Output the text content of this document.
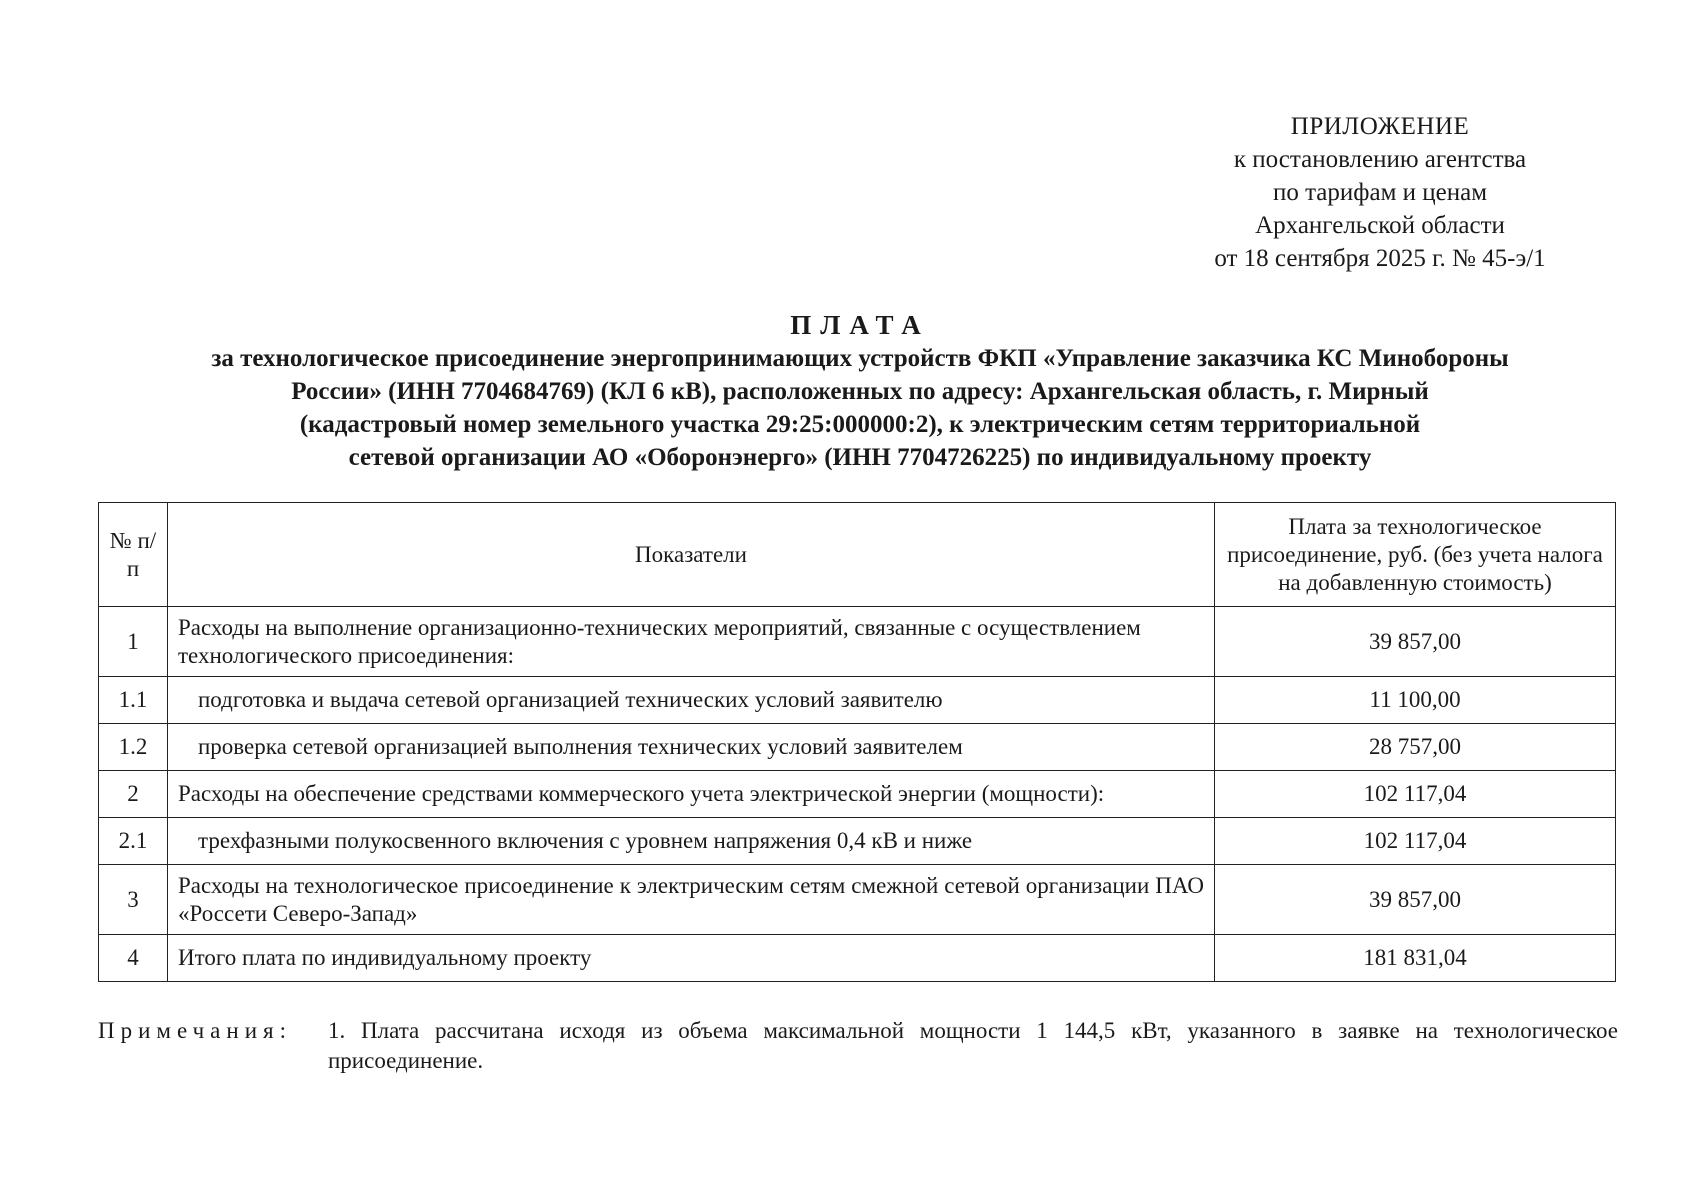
ПРИЛОЖЕНИЕ
к постановлению агентства
по тарифам и ценам
Архангельской области
от 18 сентября 2025 г. № 45-э/1
ПЛАТА
за технологическое присоединение энергопринимающих устройств ФКП «Управление заказчика КС Минобороны
России» (ИНН 7704684769) (КЛ 6 кВ), расположенных по адресу: Архангельская область, г. Мирный
(кадастровый номер земельного участка 29:25:000000:2), к электрическим сетям территориальной
сетевой организации АО «Оборонэнерго» (ИНН 7704726225) по индивидуальному проекту
№ п/п	Показатели	Плата за технологическое присоединение, руб. (без учета налога на добавленную стоимость)
1	Расходы на выполнение организационно-технических мероприятий, связанные с осуществлением технологического присоединения:	39 857,00
1.1	подготовка и выдача сетевой организацией технических условий заявителю	11 100,00
1.2	проверка сетевой организацией выполнения технических условий заявителем	28 757,00
2	Расходы на обеспечение средствами коммерческого учета электрической энергии (мощности):	102 117,04
2.1	трехфазными полукосвенного включения с уровнем напряжения 0,4 кВ и ниже	102 117,04
3	Расходы на технологическое присоединение к электрическим сетям смежной сетевой организации ПАО «Россети Северо-Запад»	39 857,00
4	Итого плата по индивидуальному проекту	181 831,04
Примечания:	1. Плата рассчитана исходя из объема максимальной мощности 1 144,5 кВт, указанного в заявке на технологическое присоединение.
